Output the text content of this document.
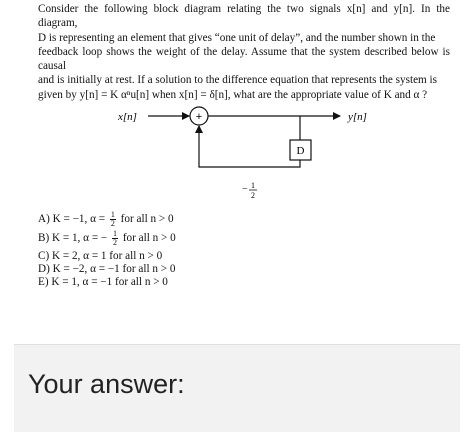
Consider the following block diagram relating the two signals x[n] and y[n]. In the diagram,

D is representing an element that gives “one unit of delay”, and the number shown in the

feedback loop shows the weight of the delay. Assume that the system described below is causal

and is initially at rest. If a solution to the difference equation that represents the system is

given by y[n] = K αⁿu[n] when x[n] = δ[n], what are the appropriate value of K and α ?

x[n]	+	y[n]
D
− 1
2
A) K = −1, $\alpha = \frac{1}{2}$ for all n > 0
B) K = 1, α = − $\frac{1}{2}$ for all n > 0
C) K = 2, α = 1 for all n > 0
D) K = −2, α = −1 for all n > 0
E) K = 1, α = −1 for all n > 0
Your answer:
